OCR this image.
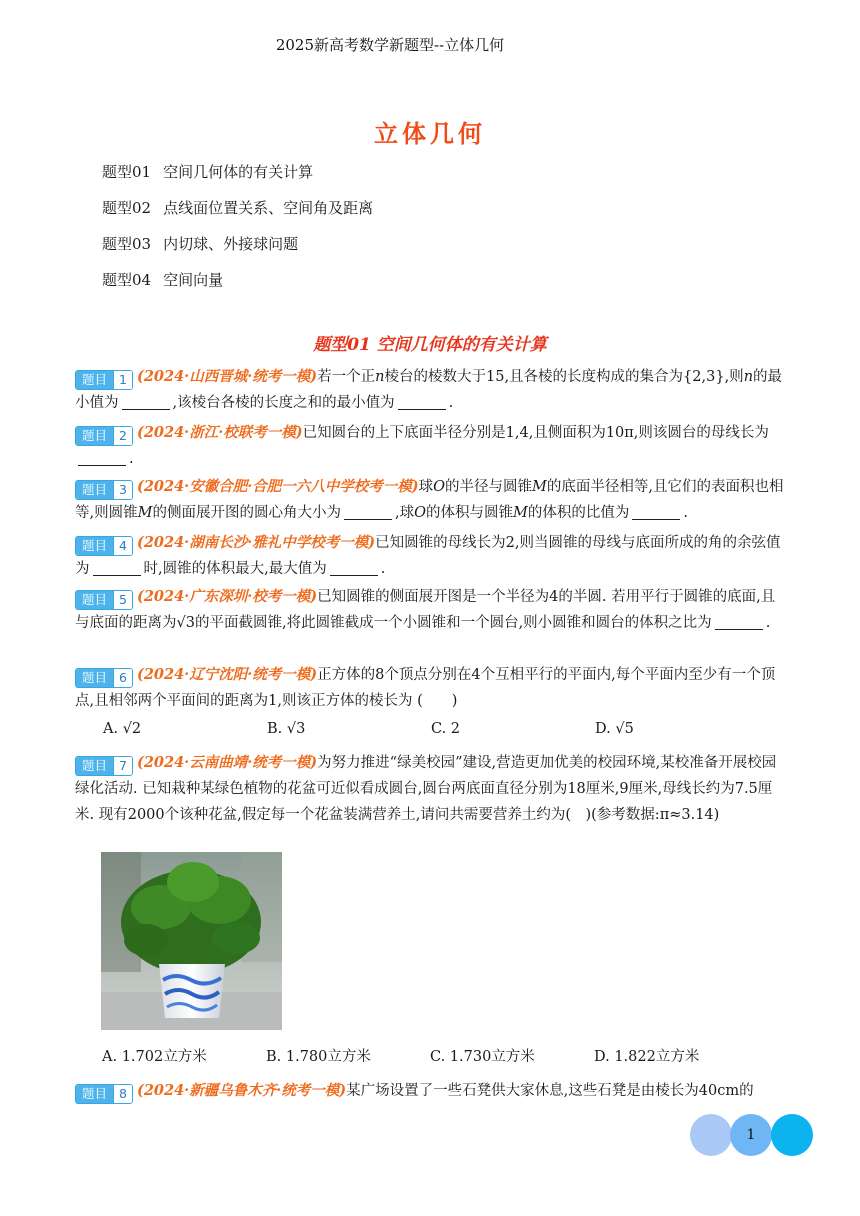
2025新高考数学新题型--立体几何
立体几何
题型01 空间几何体的有关计算
题型02 点线面位置关系、空间角及距离
题型03 内切球、外接球问题
题型04 空间向量
题型01 空间几何体的有关计算
题目 1 (2024·山西晋城·统考一模)若一个正n棱台的棱数大于15,且各棱的长度构成的集合为{2,3},则n的最小值为	,该棱台各棱的长度之和的最小值为	.
题目 2 (2024·浙江·校联考一模)已知圆台的上下底面半径分别是1,4,且侧面积为10π,则该圆台的母线长为.
题目 3 (2024·安徽合肥·合肥一六八中学校考一模)球O的半径与圆锥M的底面半径相等,且它们的表面积也相等,则圆锥M的侧面展开图的圆心角大小为	,球O的体积与圆锥M的体积的比值为	.
题目 4 (2024·湖南长沙·雅礼中学校考一模)已知圆锥的母线长为2,则当圆锥的母线与底面所成的角的余弦值为	时,圆锥的体积最大,最大值为	.
题目 5 (2024·广东深圳·校考一模)已知圆锥的侧面展开图是一个半径为4的半圆. 若用平行于圆锥的底面,且与底面的距离为√3的平面截圆锥,将此圆锥截成一个小圆锥和一个圆台,则小圆锥和圆台的体积之比为	.
题目 6 (2024·辽宁沈阳·统考一模)正方体的8个顶点分别在4个互相平行的平面内,每个平面内至少有一个顶点,且相邻两个平面间的距离为1,则该正方体的棱长为 (　　)
A. √2	B. √3	C. 2	D. √5
题目 7 (2024·云南曲靖·统考一模)为努力推进“绿美校园”建设,营造更加优美的校园环境,某校准备开展校园绿化活动. 已知栽种某绿色植物的花盆可近似看成圆台,圆台两底面直径分别为18厘米,9厘米,母线长约为7.5厘米. 现有2000个该种花盆,假定每一个花盆装满营养土,请问共需要营养土约为(　)(参考数据:π≈3.14)
A. 1.702立方米	B. 1.780立方米	C. 1.730立方米	D. 1.822立方米
题目 8 (2024·新疆乌鲁木齐·统考一模)某广场设置了一些石凳供大家休息,这些石凳是由棱长为40cm的
1
